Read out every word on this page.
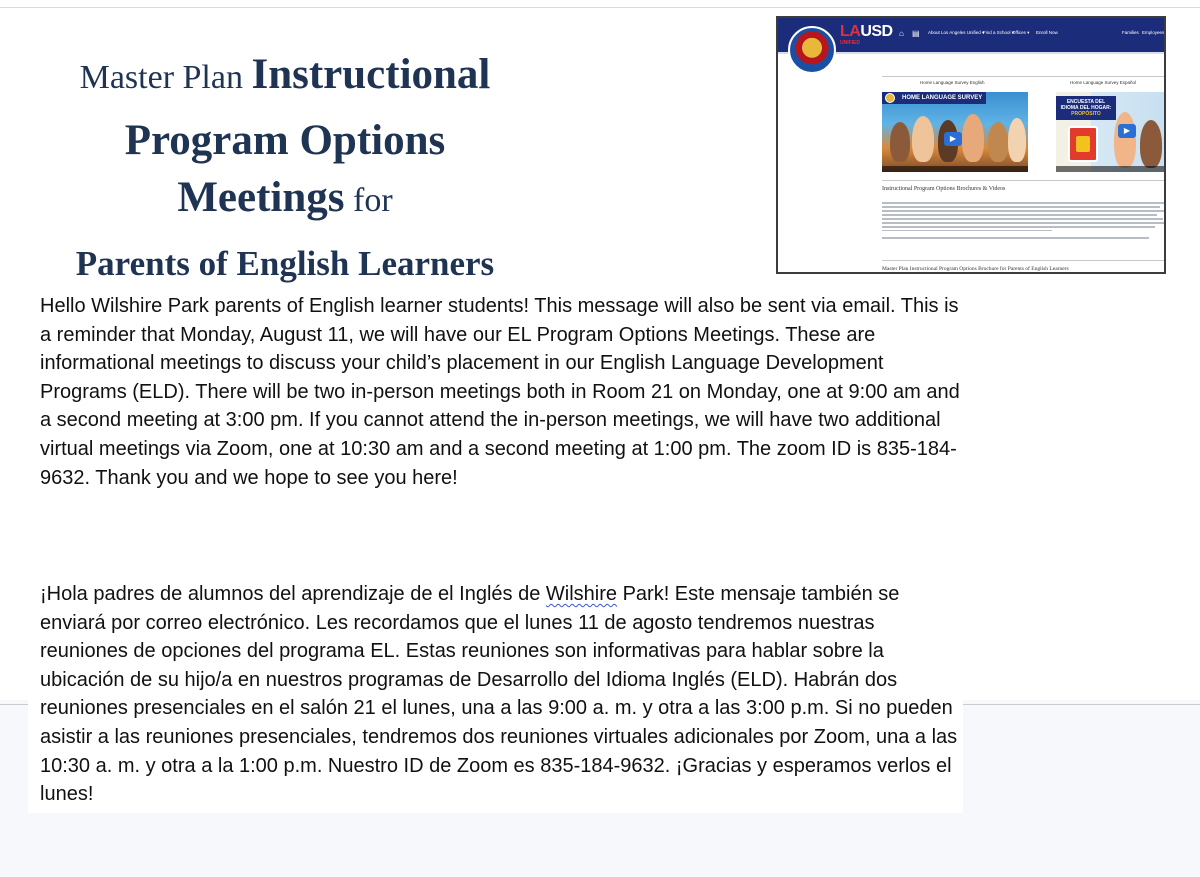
Master Plan Instructional
Program Options
Meetings for
Parents of English Learners
LAUSD
UNIFIED
⌂ ▤ About Los Angeles Unified ▾
Find a School ▾
Offices ▾ Enroll Now	Families Employees
Home Language Survey English	Home Language Survey Español
HOME LANGUAGE SURVEY
▶
ENCUESTA DEL
IDIOMA DEL HOGAR:
PROPÓSITO
▶
Instructional Program Options Brochures & Videos
Master Plan Instructional Program Options Brochure for Parents of English Learners

Hello Wilshire Park parents of English learner students! This message will also be sent via email. This is a reminder that Monday, August 11, we will have our EL Program Options Meetings. These are informational meetings to discuss your child’s placement in our English Language Development Programs (ELD). There will be two in-person meetings both in Room 21 on Monday, one at 9:00 am and a second meeting at 3:00 pm. If you cannot attend the in-person meetings, we will have two additional virtual meetings via Zoom, one at 10:30 am and a second meeting at 1:00 pm. The zoom ID is 835-184-9632. Thank you and we hope to see you here!

¡Hola padres de alumnos del aprendizaje de el Inglés de Wilshire Park! Este mensaje también se enviará por correo electrónico. Les recordamos que el lunes 11 de agosto tendremos nuestras reuniones de opciones del programa EL. Estas reuniones son informativas para hablar sobre la ubicación de su hijo/a en nuestros programas de Desarrollo del Idioma Inglés (ELD). Habrán dos reuniones presenciales en el salón 21 el lunes, una a las 9:00 a. m. y otra a las 3:00 p.m. Si no pueden asistir a las reuniones presenciales, tendremos dos reuniones virtuales adicionales por Zoom, una a las 10:30 a. m. y otra a la 1:00 p.m. Nuestro ID de Zoom es 835-184-9632. ¡Gracias y esperamos verlos el lunes!
